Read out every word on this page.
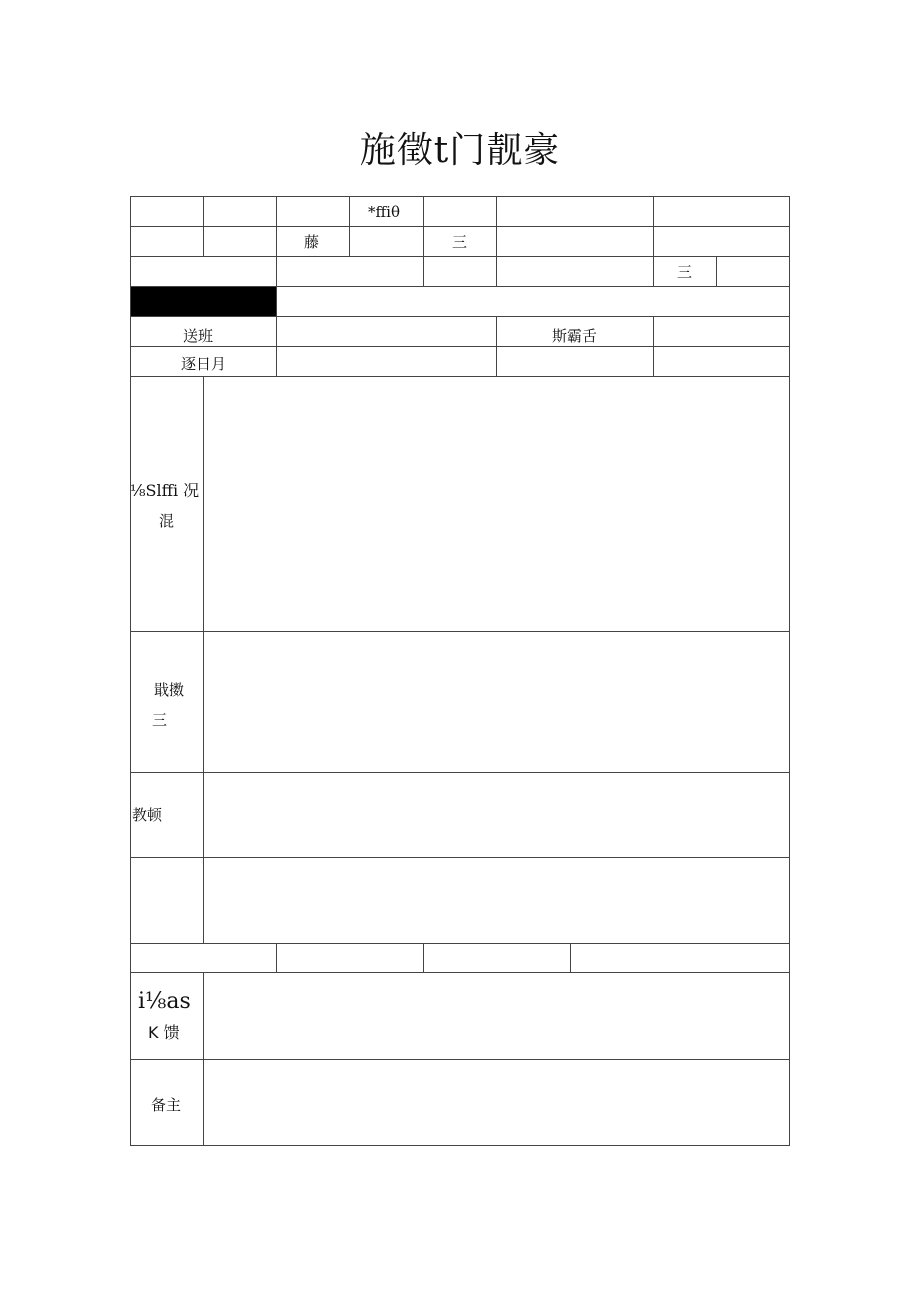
施徵t门靓豪
*ffiθ
藤	三
三
送班	斯霸舌
逐日月
⅛Slffi 况
混
戢擞
三
教顿
i⅛as
K 馈
备主
